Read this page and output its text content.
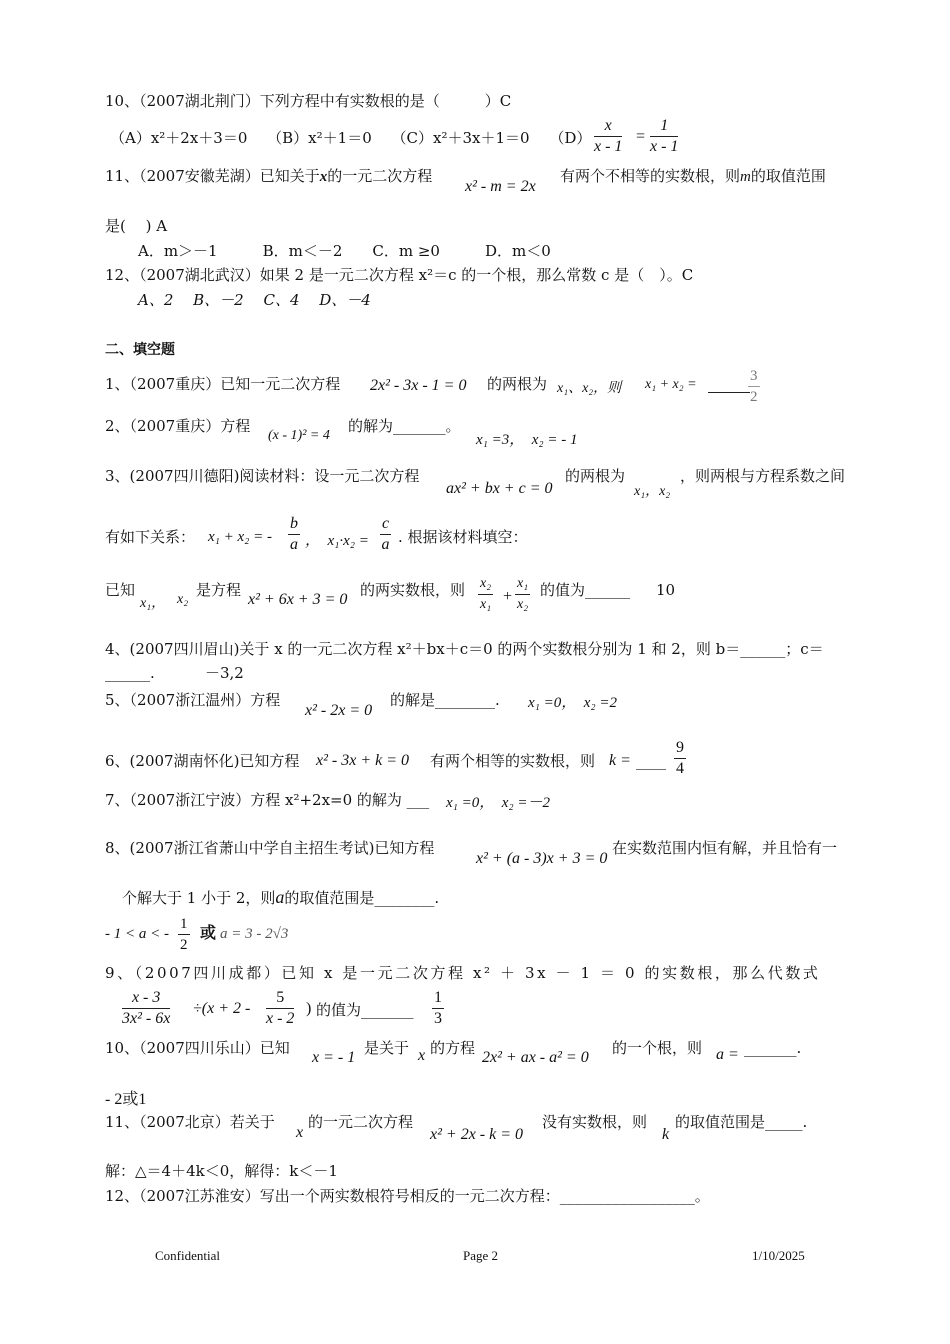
10、（2007湖北荆门）下列方程中有实数根的是（　　　）C
（A）x²＋2x＋3＝0　 （B）x²＋1＝0　 （C）x²＋3x＋1＝0　 $(D) \frac{x}{x - 1} = \frac{1}{x - 1}$
11、（2007安徽芜湖）已知关于x的一元二次方程
x² - m = 2x
有两个不相等的实数根，则m的取值范围
是(　 ) A
A．m＞－1　　　B．m＜－2　　C．m ≥0　　　D．m＜0
12、（2007湖北武汉）如果 2 是一元二次方程 x²＝c 的一个根，那么常数 c 是（　）。C
A、2　 B、－2　 C、4　 D、－4
二、填空题
1、（2007重庆）已知一元二次方程 2x² - 3x - 1 = 0 的两根为 x₁、x₂，则 x₁ + x₂ =	$\frac{3}{2}$
2、（2007重庆）方程
(x - 1)² = 4
的解为_______。
x₁ =3，　x₂ = - 1
3、(2007四川德阳)阅读材料：设一元二次方程
ax² + bx + c = 0
的两根为
x₁，x₂
，则两根与方程系数之间
有如下关系： x₁ + x₂ = - $\frac{b}{a}$ ，　$x_1\cdot x_2 = \frac{c}{a}$ . 根据该材料填空：
已知
x₁， x₂
是方程
x² + 6x + 3 = 0
的两实数根，则 $\frac{\text{x₂}}{\text{x₁}} + \frac{\text{x₁}}{\text{x₂}}$ 的值为______ 10
4、(2007四川眉山)关于 x 的一元二次方程 x²＋bx＋c＝0 的两个实数根分别为 1 和 2，则 b＝______；c＝
______.	－3,2
5、（2007浙江温州）方程
x² - 2x = 0
的解是________. x₁ =0，　x₂ =2
6、(2007湖南怀化)已知方程 x² - 3x + k = 0 有两个相等的实数根，则 k = ____ $\frac{9}{4}$
7、（2007浙江宁波）方程 x²+2x=0 的解为 ___ x₁ =0，　x₂ =－2
8、(2007浙江省萧山中学自主招生考试)已知方程
x² + (a - 3)x + 3 = 0
在实数范围内恒有解，并且恰有一
个解大于 1 小于 2，则a的取值范围是________.
- 1 < a < - $\frac{1}{2}$ 或 a = 3 - 2√3
9、（2007四川成都）已知 x 是一元二次方程 x² ＋ 3x － 1 ＝ 0 的实数根，那么代数式
$\frac{x - 3}{\text{3x² - 6x}} \div(x + 2 - \frac{5}{x - 2}$ ) 的值为_______ $\frac{1}{3}$
10、（2007四川乐山）已知
x = - 1
是关于 x 的方程
2x² + ax - a² = 0
的一个根，则 a = _______.
- 2或1
11、（2007北京）若关于
x
的一元二次方程
x² + 2x - k = 0
没有实数根，则
k
的取值范围是_____.
解：△＝4＋4k＜0，解得：k＜－1
12、（2007江苏淮安）写出一个两实数根符号相反的一元二次方程：__________________。
Confidential	Page 2	1/10/2025
